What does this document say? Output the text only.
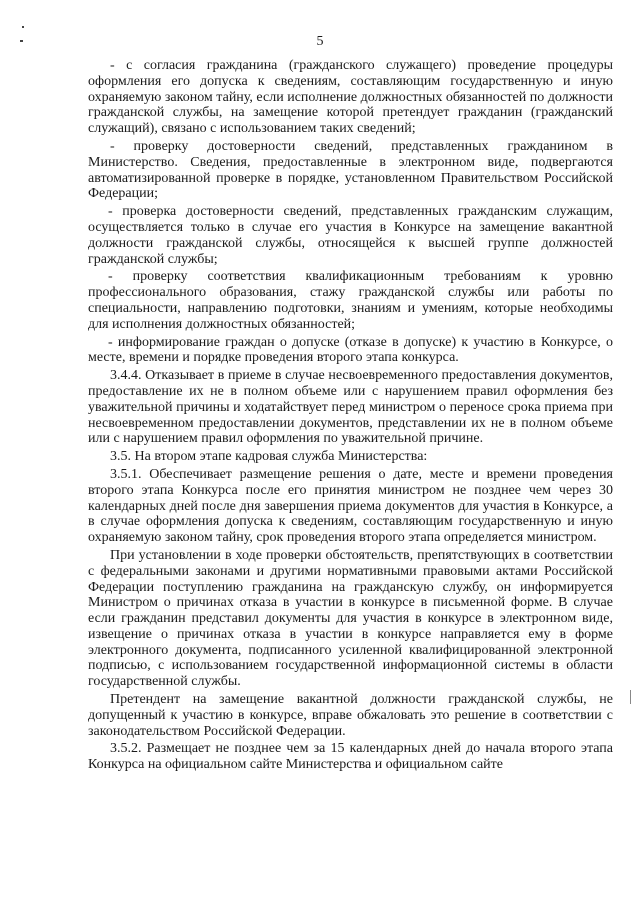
5

- с согласия гражданина (гражданского служащего) проведение процедуры оформления его допуска к сведениям, составляющим государственную и иную охраняемую законом тайну, если исполнение должностных обязанностей по должности гражданской службы, на замещение которой претендует гражданин (гражданский служащий), связано с использованием таких сведений;

- проверку достоверности сведений, представленных гражданином в Министерство. Сведения, предоставленные в электронном виде, подвергаются автоматизированной проверке в порядке, установленном Правительством Российской Федерации;

- проверка достоверности сведений, представленных гражданским служащим, осуществляется только в случае его участия в Конкурсе на замещение вакантной должности гражданской службы, относящейся к высшей группе должностей гражданской службы;

- проверку соответствия квалификационным требованиям к уровню профессионального образования, стажу гражданской службы или работы по специальности, направлению подготовки, знаниям и умениям, которые необходимы для исполнения должностных обязанностей;

- информирование граждан о допуске (отказе в допуске) к участию в Конкурсе, о месте, времени и порядке проведения второго этапа конкурса.

3.4.4. Отказывает в приеме в случае несвоевременного предоставления документов, предоставление их не в полном объеме или с нарушением правил оформления без уважительной причины и ходатайствует перед министром о переносе срока приема при несвоевременном предоставлении документов, представлении их не в полном объеме или с нарушением правил оформления по уважительной причине.

3.5. На втором этапе кадровая служба Министерства:

3.5.1. Обеспечивает размещение решения о дате, месте и времени проведения второго этапа Конкурса после его принятия министром не позднее чем через 30 календарных дней после дня завершения приема документов для участия в Конкурсе, а в случае оформления допуска к сведениям, составляющим государственную и иную охраняемую законом тайну, срок проведения второго этапа определяется министром.

При установлении в ходе проверки обстоятельств, препятствующих в соответствии с федеральными законами и другими нормативными правовыми актами Российской Федерации поступлению гражданина на гражданскую службу, он информируется Министром о причинах отказа в участии в конкурсе в письменной форме. В случае если гражданин представил документы для участия в конкурсе в электронном виде, извещение о причинах отказа в участии в конкурсе направляется ему в форме электронного документа, подписанного усиленной квалифицированной электронной подписью, с использованием государственной информационной системы в области государственной службы.

Претендент на замещение вакантной должности гражданской службы, не допущенный к участию в конкурсе, вправе обжаловать это решение в соответствии с законодательством Российской Федерации.

3.5.2. Размещает не позднее чем за 15 календарных дней до начала второго этапа Конкурса на официальном сайте Министерства и официальном сайте
